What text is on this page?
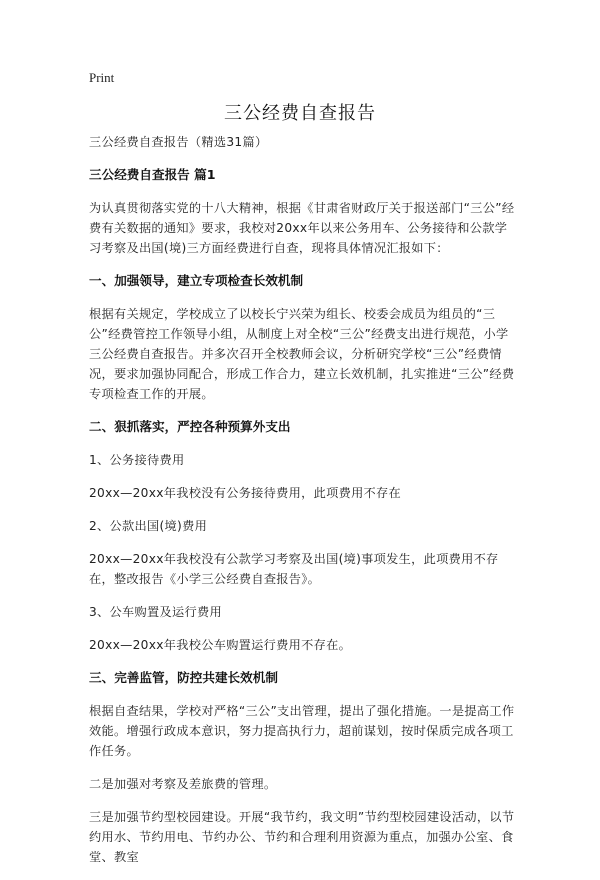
Print
三公经费自查报告
三公经费自查报告（精选31篇）
三公经费自查报告 篇1
为认真贯彻落实党的十八大精神，根据《甘肃省财政厅关于报送部门“三公”经费有关数据的通知》要求，我校对20xx年以来公务用车、公务接待和公款学习考察及出国(境)三方面经费进行自查，现将具体情况汇报如下：
一、加强领导，建立专项检查长效机制
根据有关规定，学校成立了以校长宁兴荣为组长、校委会成员为组员的“三公”经费管控工作领导小组，从制度上对全校“三公”经费支出进行规范，小学三公经费自查报告。并多次召开全校教师会议，分析研究学校“三公”经费情况，要求加强协同配合，形成工作合力，建立长效机制，扎实推进“三公”经费专项检查工作的开展。
二、狠抓落实，严控各种预算外支出
1、公务接待费用
20xx—20xx年我校没有公务接待费用，此项费用不存在
2、公款出国(境)费用
20xx—20xx年我校没有公款学习考察及出国(境)事项发生，此项费用不存在，整改报告《小学三公经费自查报告》。
3、公车购置及运行费用
20xx—20xx年我校公车购置运行费用不存在。
三、完善监管，防控共建长效机制
根据自查结果，学校对严格“三公”支出管理，提出了强化措施。一是提高工作效能。增强行政成本意识，努力提高执行力，超前谋划，按时保质完成各项工作任务。
二是加强对考察及差旅费的管理。
三是加强节约型校园建设。开展“我节约，我文明”节约型校园建设活动，以节约用水、节约用电、节约办公、节约和合理利用资源为重点，加强办公室、食堂、教室
